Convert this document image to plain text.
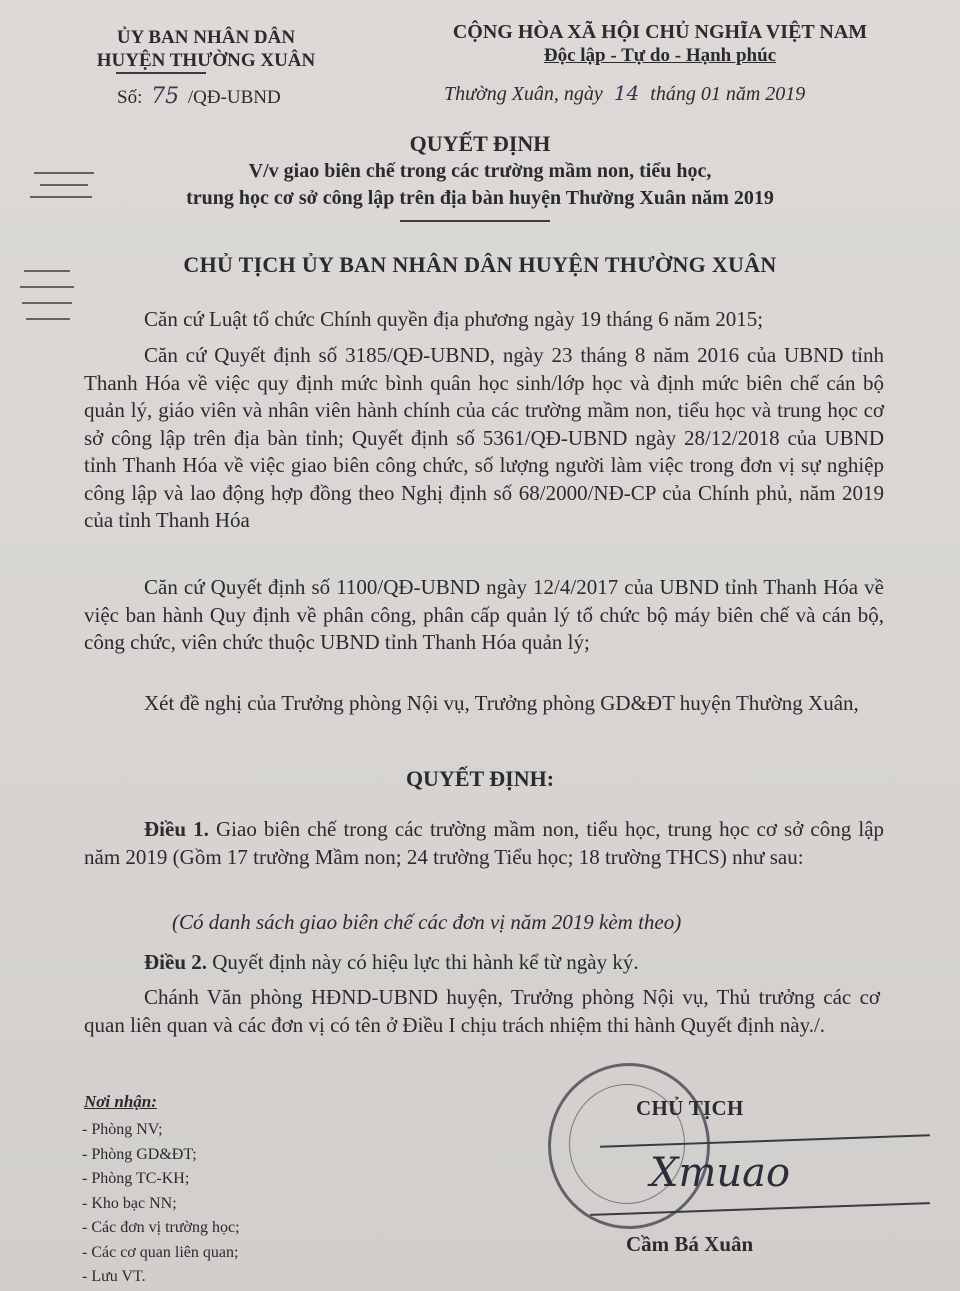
ỦY BAN NHÂN DÂN
HUYỆN THƯỜNG XUÂN
Số: 75 /QĐ-UBND
CỘNG HÒA XÃ HỘI CHỦ NGHĨA VIỆT NAM
Độc lập - Tự do - Hạnh phúc
Thường Xuân, ngày 14 tháng 01 năm 2019
QUYẾT ĐỊNH
V/v giao biên chế trong các trường mầm non, tiểu học,
trung học cơ sở công lập trên địa bàn huyện Thường Xuân năm 2019
CHỦ TỊCH ỦY BAN NHÂN DÂN HUYỆN THƯỜNG XUÂN
Căn cứ Luật tổ chức Chính quyền địa phương ngày 19 tháng 6 năm 2015;
Căn cứ Quyết định số 3185/QĐ-UBND, ngày 23 tháng 8 năm 2016 của UBND tỉnh Thanh Hóa về việc quy định mức bình quân học sinh/lớp học và định mức biên chế cán bộ quản lý, giáo viên và nhân viên hành chính của các trường mầm non, tiểu học và trung học cơ sở công lập trên địa bàn tỉnh; Quyết định số 5361/QĐ-UBND ngày 28/12/2018 của UBND tỉnh Thanh Hóa về việc giao biên công chức, số lượng người làm việc trong đơn vị sự nghiệp công lập và lao động hợp đồng theo Nghị định số 68/2000/NĐ-CP của Chính phủ, năm 2019 của tỉnh Thanh Hóa
Căn cứ Quyết định số 1100/QĐ-UBND ngày 12/4/2017 của UBND tỉnh Thanh Hóa về việc ban hành Quy định về phân công, phân cấp quản lý tổ chức bộ máy biên chế và cán bộ, công chức, viên chức thuộc UBND tỉnh Thanh Hóa quản lý;
Xét đề nghị của Trưởng phòng Nội vụ, Trưởng phòng GD&ĐT huyện Thường Xuân,
QUYẾT ĐỊNH:
Điều 1. Giao biên chế trong các trường mầm non, tiểu học, trung học cơ sở công lập năm 2019 (Gồm 17 trường Mầm non; 24 trường Tiểu học; 18 trường THCS) như sau:
(Có danh sách giao biên chế các đơn vị năm 2019 kèm theo)
Điều 2. Quyết định này có hiệu lực thi hành kể từ ngày ký.
Chánh Văn phòng HĐND-UBND huyện, Trưởng phòng Nội vụ, Thủ trưởng các cơ quan liên quan và các đơn vị có tên ở Điều I chịu trách nhiệm thi hành Quyết định này./.
Nơi nhận:
- Phòng NV;
- Phòng GD&ĐT;
- Phòng TC-KH;
- Kho bạc NN;
- Các đơn vị trường học;
- Các cơ quan liên quan;
- Lưu VT.
CHỦ TỊCH
Xmuao
Cầm Bá Xuân
